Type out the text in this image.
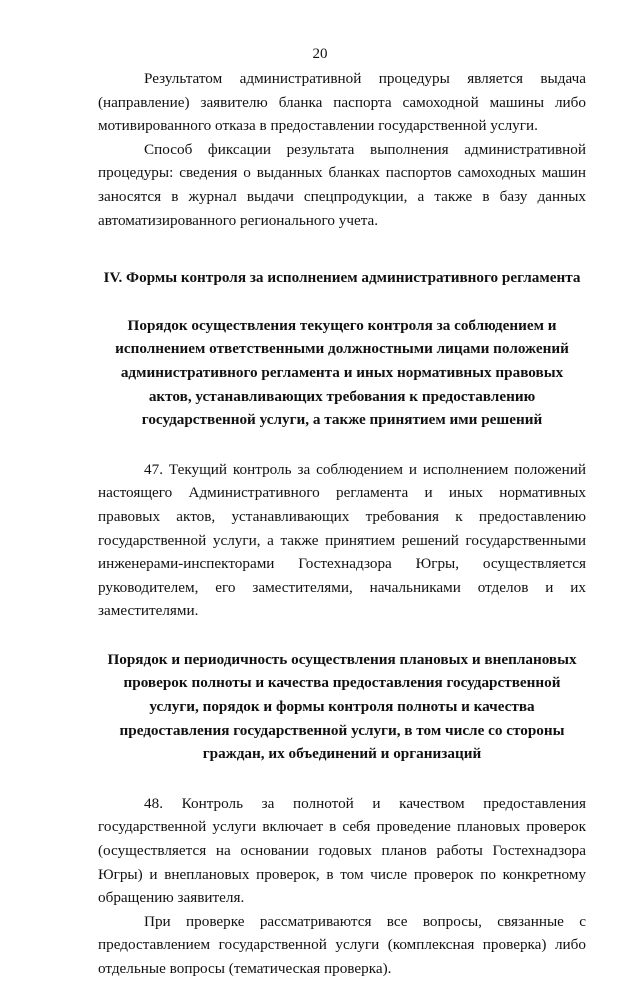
20

Результатом административной процедуры является выдача (направление) заявителю бланка паспорта самоходной машины либо мотивированного отказа в предоставлении государственной услуги.

Способ фиксации результата выполнения административной процедуры: сведения о выданных бланках паспортов самоходных машин заносятся в журнал выдачи спецпродукции, а также в базу данных автоматизированного регионального учета.

IV. Формы контроля за исполнением административного регламента

Порядок осуществления текущего контроля за соблюдением и исполнением ответственными должностными лицами положений административного регламента и иных нормативных правовых актов, устанавливающих требования к предоставлению государственной услуги, а также принятием ими решений

47. Текущий контроль за соблюдением и исполнением положений настоящего Административного регламента и иных нормативных правовых актов, устанавливающих требования к предоставлению государственной услуги, а также принятием решений государственными инженерами-инспекторами Гостехнадзора Югры, осуществляется руководителем, его заместителями, начальниками отделов и их заместителями.

Порядок и периодичность осуществления плановых и внеплановых проверок полноты и качества предоставления государственной услуги, порядок и формы контроля полноты и качества предоставления государственной услуги, в том числе со стороны граждан, их объединений и организаций

48. Контроль за полнотой и качеством предоставления государственной услуги включает в себя проведение плановых проверок (осуществляется на основании годовых планов работы Гостехнадзора Югры) и внеплановых проверок, в том числе проверок по конкретному обращению заявителя.

При проверке рассматриваются все вопросы, связанные с предоставлением государственной услуги (комплексная проверка) либо отдельные вопросы (тематическая проверка).
